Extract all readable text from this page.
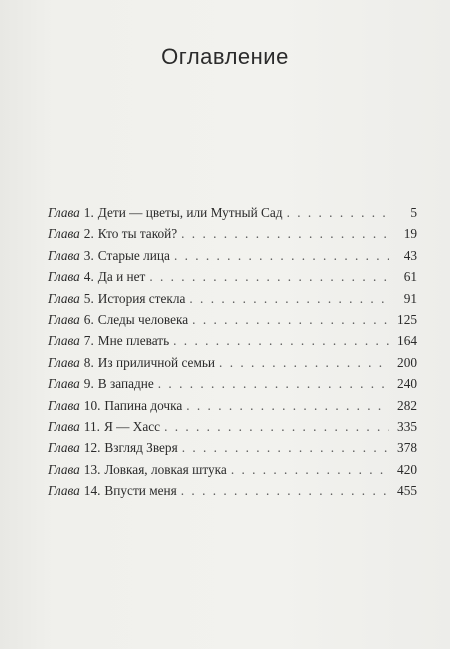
Оглавление
Глава 1. Дети — цветы, или Мутный Сад . . .	5
Глава 2. Кто ты такой? . . .	19
Глава 3. Старые лица . . .	43
Глава 4. Да и нет . . .	61
Глава 5. История стекла . . .	91
Глава 6. Следы человека . . .	125
Глава 7. Мне плевать . . .	164
Глава 8. Из приличной семьи . . .	200
Глава 9. В западне . . .	240
Глава 10. Папина дочка . . .	282
Глава 11. Я — Хасс . . .	335
Глава 12. Взгляд Зверя . . .	378
Глава 13. Ловкая, ловкая штука . . .	420
Глава 14. Впусти меня . . .	455
